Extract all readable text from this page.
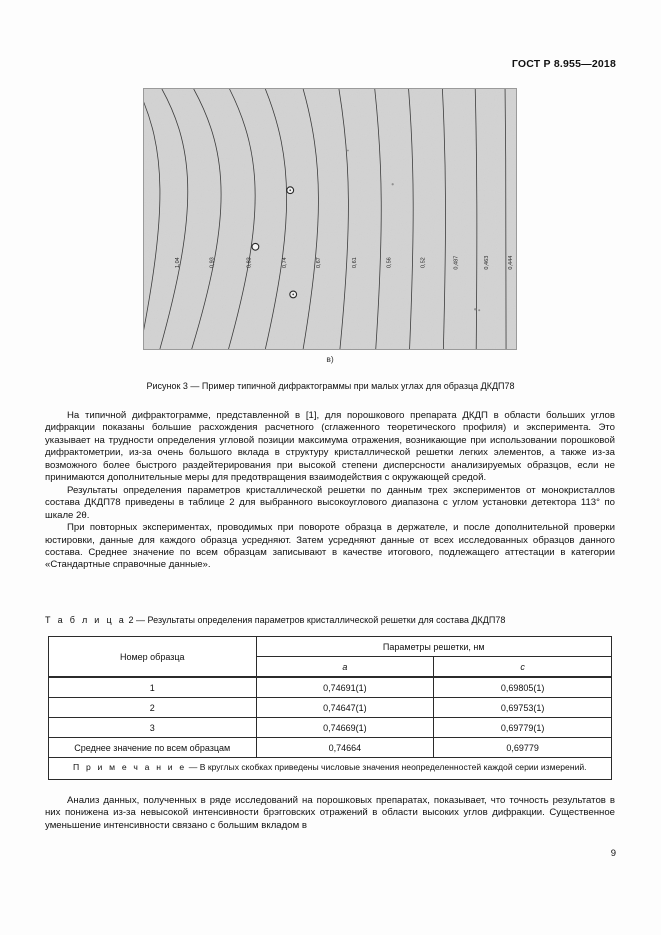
ГОСТ Р 8.955—2018
1,04	0,93	0,83	0,74	0,67	0,61	0,56	0,52	0,487	0,463	0,444
в)
Рисунок 3 — Пример типичной дифрактограммы при малых углах для образца ДКДП78

На типичной дифрактограмме, представленной в [1], для порошкового препарата ДКДП в области больших углов дифракции показаны большие расхождения расчетного (сглаженного теоретического профиля) и эксперимента. Это указывает на трудности определения угловой позиции максимума отражения, возникающие при использовании порошковой дифрактометрии, из-за очень большого вклада в структуру кристаллической решетки легких элементов, а также из-за возможного более быстрого раздейтерирования при высокой степени дисперсности анализируемых образцов, если не принимаются дополнительные меры для предотвращения взаимодействия с окружающей средой.

Результаты определения параметров кристаллической решетки по данным трех экспериментов от монокристаллов состава ДКДП78 приведены в таблице 2 для выбранного высокоуглового диапазона с углом установки детектора 113° по шкале 2θ.

При повторных экспериментах, проводимых при повороте образца в держателе, и после дополнительной проверки юстировки, данные для каждого образца усредняют. Затем усредняют данные от всех исследованных образцов данного состава. Среднее значение по всем образцам записывают в качестве итогового, подлежащего аттестации в категории «Стандартные справочные данные».

Т а б л и ц а 2 — Результаты определения параметров кристаллической решетки для состава ДКДП78
Номер образца	Параметры решетки, нм	
	a	c
1	0,74691(1)	0,69805(1)
2	0,74647(1)	0,69753(1)
3	0,74669(1)	0,69779(1)
Среднее значение по всем образцам	0,74664	0,69779
П р и м е ч а н и е — В круглых скобках приведены числовые значения неопределенностей каждой серии измерений.		

Анализ данных, полученных в ряде исследований на порошковых препаратах, показывает, что точность результатов в них понижена из-за невысокой интенсивности брэгговских отражений в области высоких углов дифракции. Существенное уменьшение интенсивности связано с большим вкладом в

9
